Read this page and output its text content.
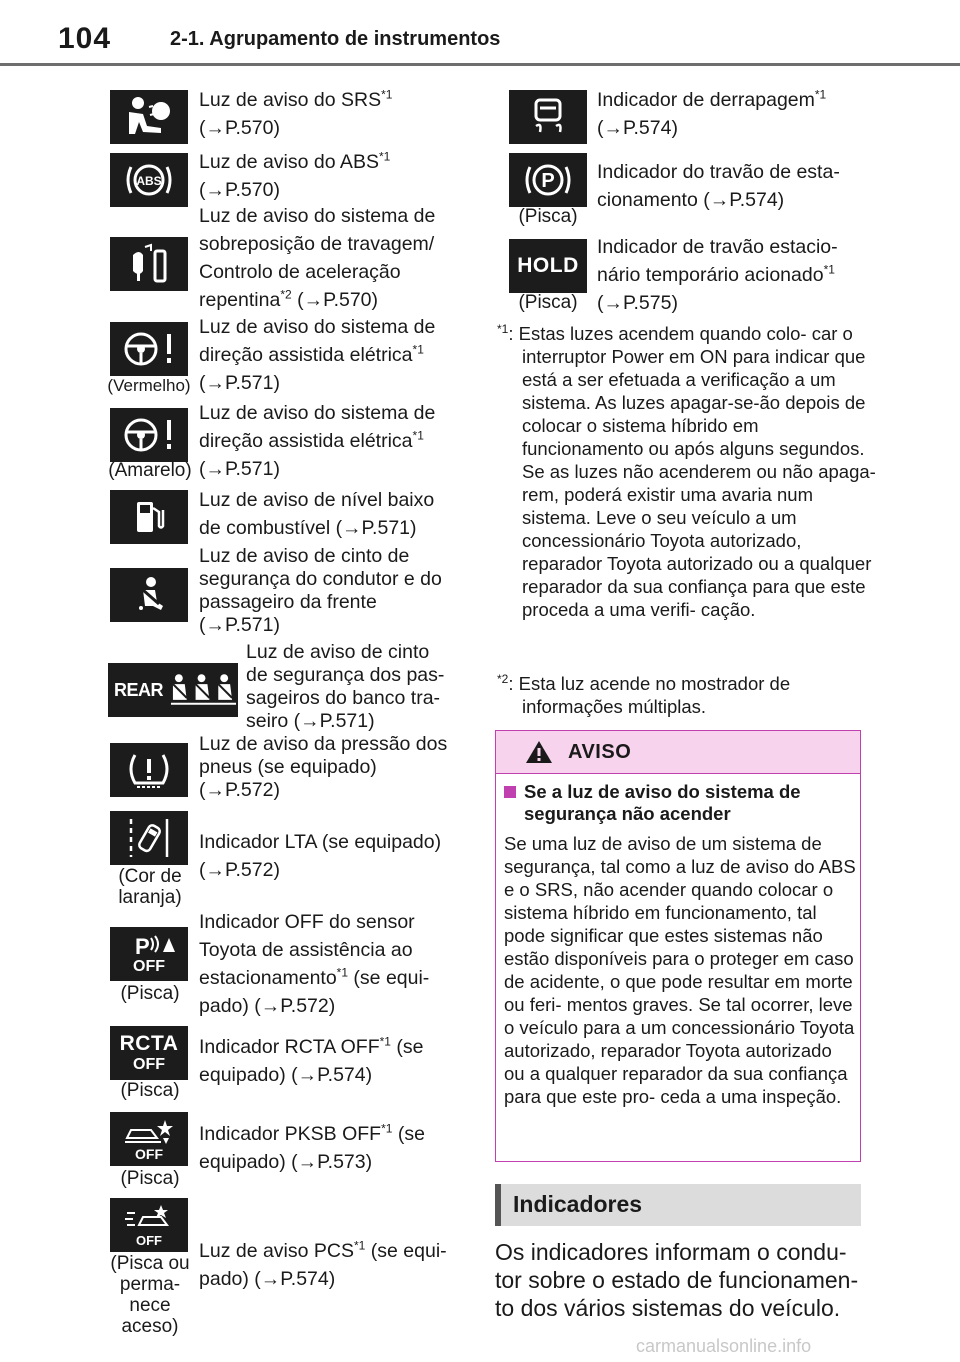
104	2-1. Agrupamento de instrumentos
Luz de aviso do SRS$^{*1}$
(→P.570)
ABS
Luz de aviso do ABS$^{*1}$
(→P.570)
Luz de aviso do sistema de
sobreposição de travagem/
Controlo de aceleração
repentina$^{*2}$ (→P.570)
(Vermelho)
Luz de aviso do sistema de
direção assistida elétrica$^{*1}$
(→P.571)
(Amarelo)
Luz de aviso do sistema de
direção assistida elétrica$^{*1}$
(→P.571)
Luz de aviso de nível baixo
de combustível (→P.571)
Luz de aviso de cinto de
segurança do condutor e do
passageiro da frente
(→P.571)
REAR
Luz de aviso de cinto
de segurança dos pas-
sageiros do banco tra-
seiro (→P.571)
Luz de aviso da pressão dos
pneus (se equipado)
(→P.572)
(Cor de laranja)
Indicador LTA (se equipado)
(→P.572)
P
OFF
(Pisca)
Indicador OFF do sensor
Toyota de assistência ao
estacionamento$^{*1}$ (se equi-
pado) (→P.572)
RCTA
OFF
(Pisca)
Indicador RCTA OFF$^{*1}$ (se
equipado) (→P.574)
OFF
(Pisca)
Indicador PKSB OFF$^{*1}$ (se
equipado) (→P.573)
OFF
(Pisca ou perma- nece aceso)
Luz de aviso PCS$^{*1}$ (se equi-
pado) (→P.574)
Indicador de derrapagem$^{*1}$
(→P.574)
P
(Pisca)
Indicador do travão de esta-
cionamento (→P.574)
HOLD
(Pisca)
Indicador de travão estacio-
nário temporário acionado$^{*1}$
(→P.575)
$^{*1}$: Estas luzes acendem quando colo- car o interruptor Power em ON para indicar que está a ser efetuada a verificação a um sistema. As luzes apagar-se-ão depois de colocar o sistema híbrido em funcionamento ou após alguns segundos. Se as luzes não acenderem ou não apaga- rem, poderá existir uma avaria num sistema. Leve o seu veículo a um concessionário Toyota autorizado, reparador Toyota autorizado ou a qualquer reparador da sua confiança para que este proceda a uma verifi- cação.
$^{*2}$: Esta luz acende no mostrador de informações múltiplas.
AVISO
Se a luz de aviso do sistema de segurança não acender
Se uma luz de aviso de um sistema de segurança, tal como a luz de aviso do ABS e o SRS, não acender quando colocar o sistema híbrido em funcionamento, tal pode significar que estes sistemas não estão disponíveis para o proteger em caso de acidente, o que pode resultar em morte ou feri- mentos graves. Se tal ocorrer, leve o veículo para a um concessionário Toyota autorizado, reparador Toyota autorizado ou a qualquer reparador da sua confiança para que este pro- ceda a uma inspeção.
Indicadores
Os indicadores informam o condu- tor sobre o estado de funcionamen- to dos vários sistemas do veículo.
carmanualsonline.info
